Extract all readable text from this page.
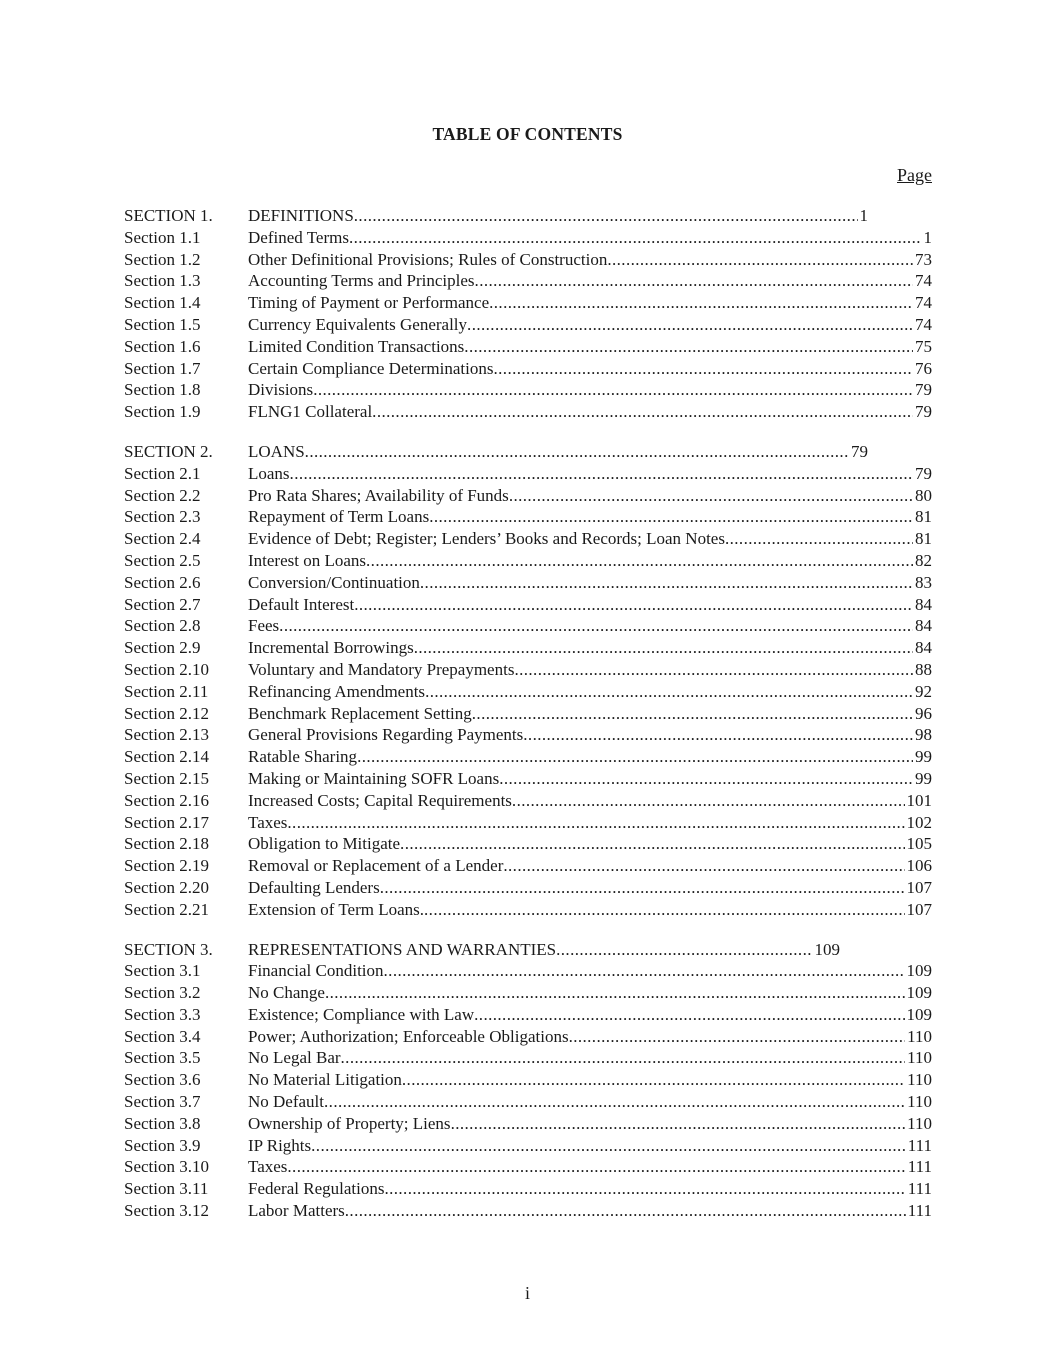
TABLE OF CONTENTS
Page
SECTION 1.	DEFINITIONS .....	1
Section 1.1	Defined Terms .....	1
Section 1.2	Other Definitional Provisions; Rules of Construction .....	73
Section 1.3	Accounting Terms and Principles .....	74
Section 1.4	Timing of Payment or Performance .....	74
Section 1.5	Currency Equivalents Generally .....	74
Section 1.6	Limited Condition Transactions .....	75
Section 1.7	Certain Compliance Determinations .....	76
Section 1.8	Divisions .....	79
Section 1.9	FLNG1 Collateral .....	79
SECTION 2.	LOANS .....	79
Section 2.1	Loans .....	79
Section 2.2	Pro Rata Shares; Availability of Funds .....	80
Section 2.3	Repayment of Term Loans .....	81
Section 2.4	Evidence of Debt; Register; Lenders’ Books and Records; Loan Notes .....	81
Section 2.5	Interest on Loans .....	82
Section 2.6	Conversion/Continuation .....	83
Section 2.7	Default Interest .....	84
Section 2.8	Fees .....	84
Section 2.9	Incremental Borrowings .....	84
Section 2.10	Voluntary and Mandatory Prepayments .....	88
Section 2.11	Refinancing Amendments .....	92
Section 2.12	Benchmark Replacement Setting .....	96
Section 2.13	General Provisions Regarding Payments .....	98
Section 2.14	Ratable Sharing .....	99
Section 2.15	Making or Maintaining SOFR Loans .....	99
Section 2.16	Increased Costs; Capital Requirements .....	101
Section 2.17	Taxes .....	102
Section 2.18	Obligation to Mitigate .....	105
Section 2.19	Removal or Replacement of a Lender .....	106
Section 2.20	Defaulting Lenders .....	107
Section 2.21	Extension of Term Loans. .....	107
SECTION 3.	REPRESENTATIONS AND WARRANTIES .....	109
Section 3.1	Financial Condition .....	109
Section 3.2	No Change .....	109
Section 3.3	Existence; Compliance with Law .....	109
Section 3.4	Power; Authorization; Enforceable Obligations .....	110
Section 3.5	No Legal Bar .....	110
Section 3.6	No Material Litigation .....	110
Section 3.7	No Default .....	110
Section 3.8	Ownership of Property; Liens .....	110
Section 3.9	IP Rights .....	111
Section 3.10	Taxes .....	111
Section 3.11	Federal Regulations .....	111
Section 3.12	Labor Matters .....	111
i
